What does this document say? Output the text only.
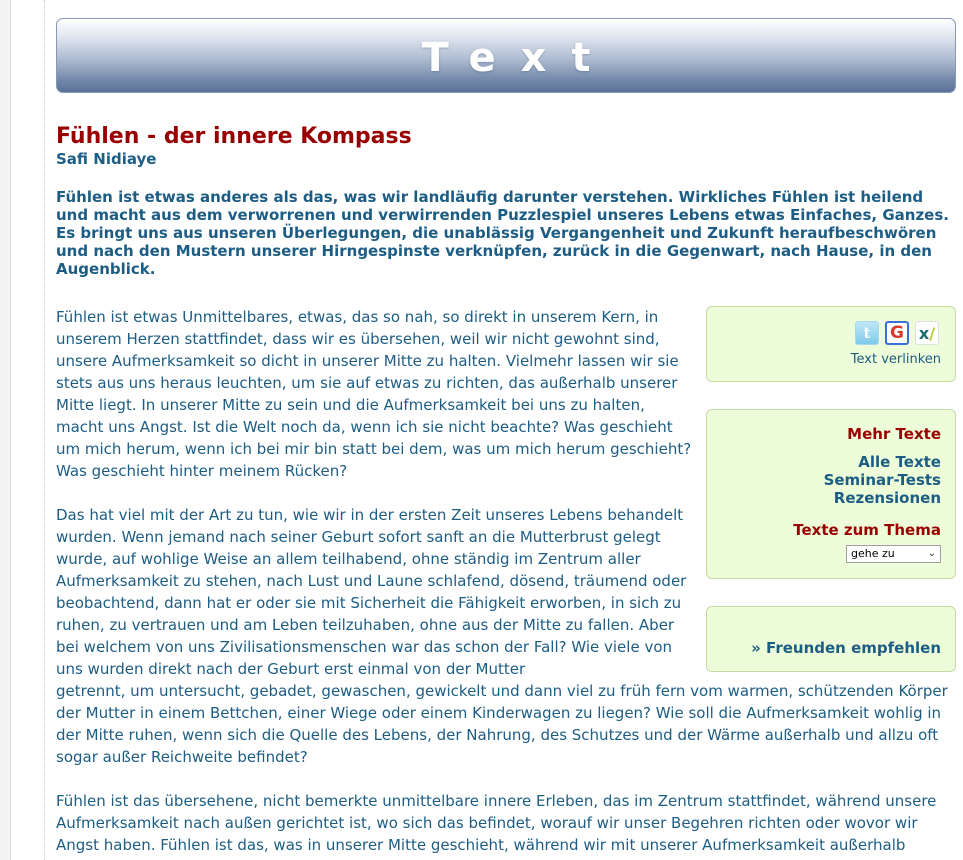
Text
Fühlen - der innere Kompass
Safi Nidiaye

Fühlen ist etwas anderes als das, was wir landläufig darunter verstehen. Wirkliches Fühlen ist heilend und macht aus dem verworrenen und verwirrenden Puzzlespiel unseres Lebens etwas Einfaches, Ganzes. Es bringt uns aus unseren Überlegungen, die unablässig Vergangenheit und Zukunft heraufbeschwören und nach den Mustern unserer Hirngespinste verknüpfen, zurück in die Gegenwart, nach Hause, in den Augenblick.

Fühlen ist etwas Unmittelbares, etwas, das so nah, so direkt in unserem Kern, in unserem Herzen stattfindet, dass wir es übersehen, weil wir nicht gewohnt sind, unsere Aufmerksamkeit so dicht in unserer Mitte zu halten. Vielmehr lassen wir sie stets aus uns heraus leuchten, um sie auf etwas zu richten, das außerhalb unserer Mitte liegt. In unserer Mitte zu sein und die Aufmerksamkeit bei uns zu halten, macht uns Angst. Ist die Welt noch da, wenn ich sie nicht beachte? Was geschieht um mich herum, wenn ich bei mir bin statt bei dem, was um mich herum geschieht? Was geschieht hinter meinem Rücken?

Das hat viel mit der Art zu tun, wie wir in der ersten Zeit unseres Lebens behandelt wurden. Wenn jemand nach seiner Geburt sofort sanft an die Mutterbrust gelegt wurde, auf wohlige Weise an allem teilhabend, ohne ständig im Zentrum aller Aufmerksamkeit zu stehen, nach Lust und Laune schlafend, dösend, träumend oder beobachtend, dann hat er oder sie mit Sicherheit die Fähigkeit erworben, in sich zu ruhen, zu vertrauen und am Leben teilzuhaben, ohne aus der Mitte zu fallen. Aber bei welchem von uns Zivilisationsmenschen war das schon der Fall? Wie viele von uns wurden direkt nach der Geburt erst einmal von der Mutter
getrennt, um untersucht, gebadet, gewaschen, gewickelt und dann viel zu früh fern vom warmen, schützenden Körper der Mutter in einem Bettchen, einer Wiege oder einem Kinderwagen zu liegen? Wie soll die Aufmerksamkeit wohlig in der Mitte ruhen, wenn sich die Quelle des Lebens, der Nahrung, des Schutzes und der Wärme außerhalb und allzu oft sogar außer Reichweite befindet?

Fühlen ist das übersehene, nicht bemerkte unmittelbare innere Erleben, das im Zentrum stattfindet, während unsere Aufmerksamkeit nach außen gerichtet ist, wo sich das befindet, worauf wir unser Begehren richten oder wovor wir Angst haben. Fühlen ist das, was in unserer Mitte geschieht, während wir mit unserer Aufmerksamkeit außerhalb

t	G x /
Text verlinken
Mehr Texte
Alle Texte
Seminar-Tests
Rezensionen
Texte zum Thema
gehe zu	⌄
» Freunden empfehlen
